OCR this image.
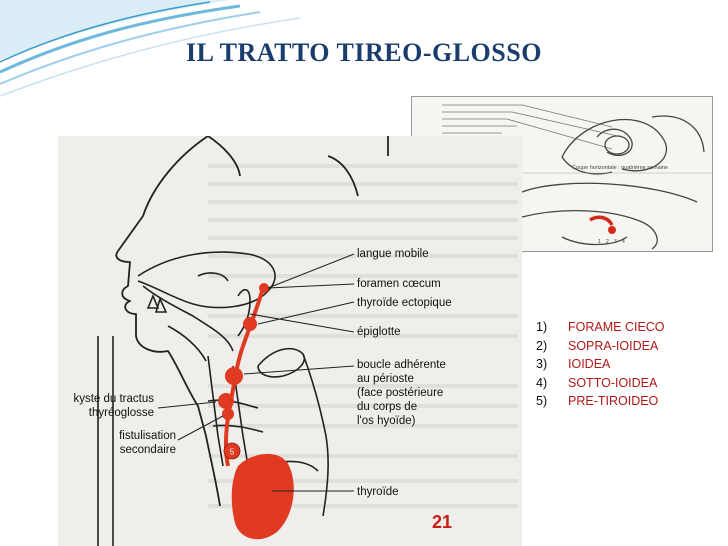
IL TRATTO TIREO-GLOSSO
Coupe horizontale : quatrième semaine
1 2 3 4
5
langue mobile
foramen cœcum
thyroïde ectopique
épiglotte
boucle adhérente
au périoste
(face postérieure
du corps de
l'os hyoïde)
kyste du tractus
thyréoglosse
fistulisation
secondaire
thyroïde
21
1) FORAME CIECO
2) SOPRA-IOIDEA
3) IOIDEA
4) SOTTO-IOIDEA
5) PRE-TIROIDEO
